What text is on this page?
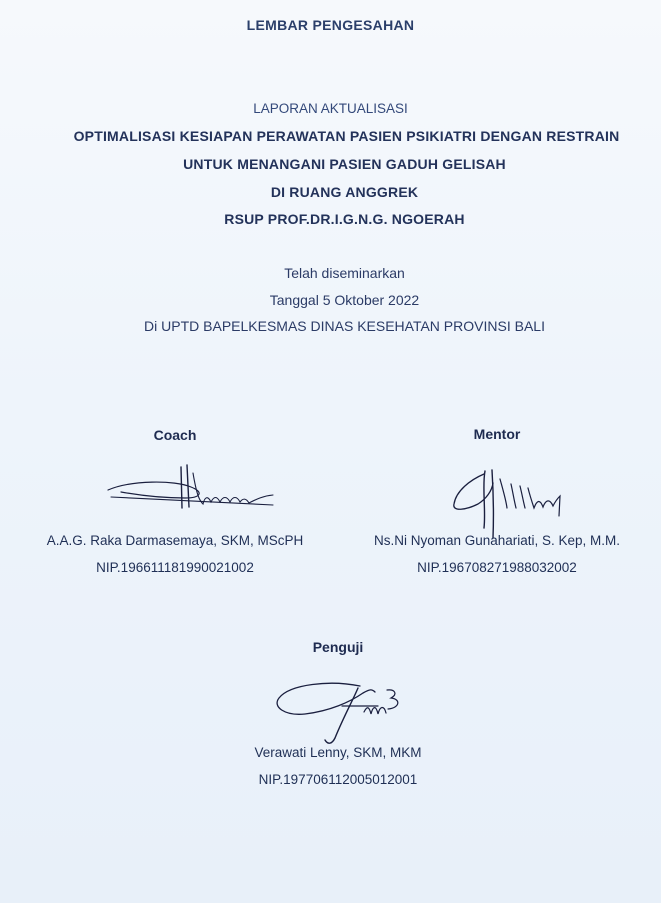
LEMBAR PENGESAHAN
LAPORAN AKTUALISASI
OPTIMALISASI KESIAPAN PERAWATAN PASIEN PSIKIATRI DENGAN RESTRAIN
UNTUK MENANGANI PASIEN GADUH GELISAH
DI RUANG ANGGREK
RSUP PROF.DR.I.G.N.G. NGOERAH
Telah diseminarkan
Tanggal 5 Oktober 2022
Di UPTD BAPELKESMAS DINAS KESEHATAN PROVINSI BALI
Coach
A.A.G. Raka Darmasemaya, SKM, MScPH
NIP.196611181990021002
Mentor
Ns.Ni Nyoman Gunahariati, S. Kep, M.M.
NIP.196708271988032002
Penguji
Verawati Lenny, SKM, MKM
NIP.197706112005012001
